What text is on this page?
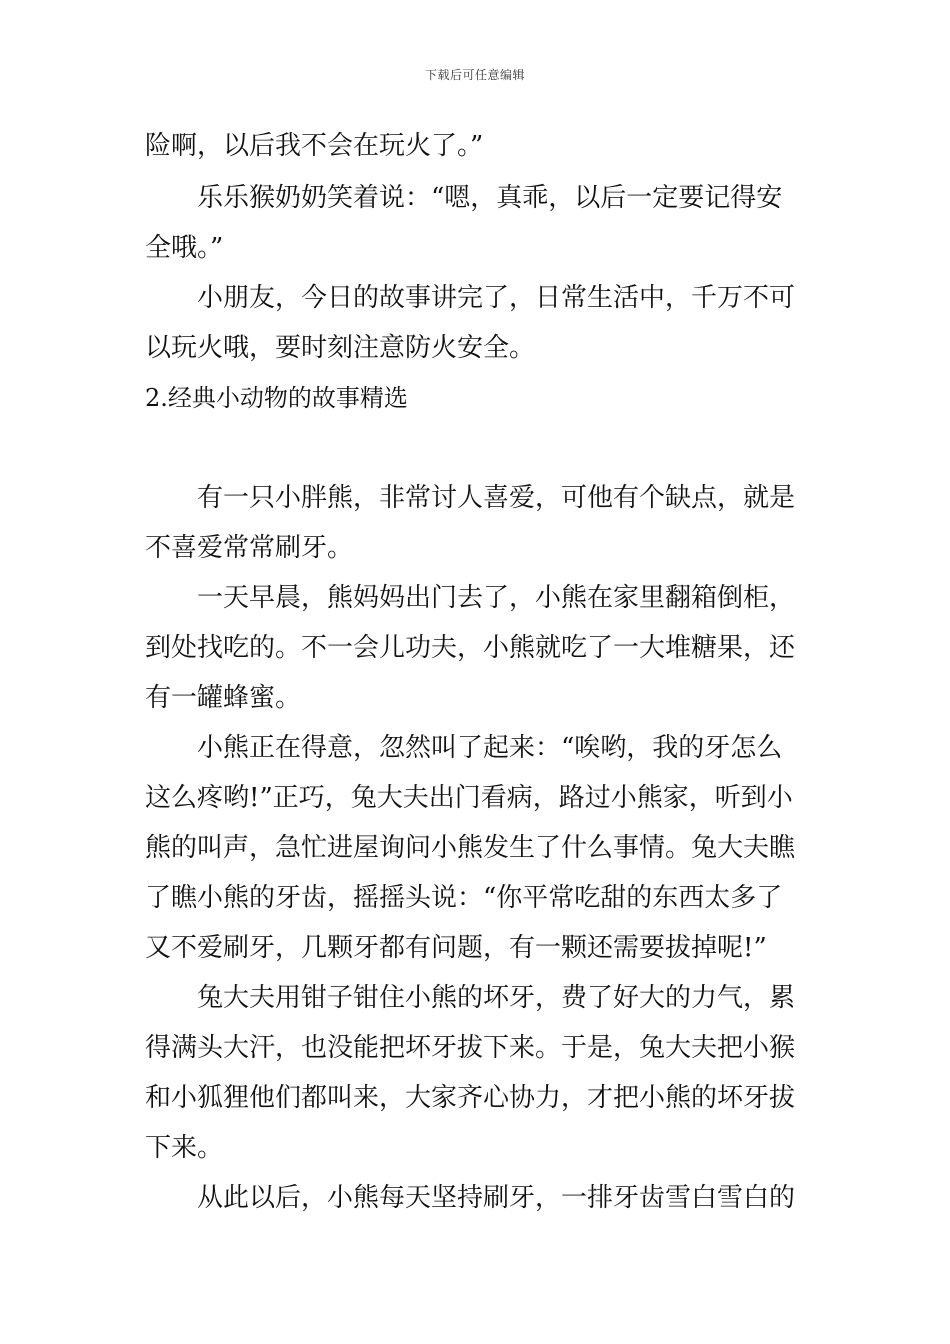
下载后可任意编辑
险啊，以后我不会在玩火了。”
　　乐乐猴奶奶笑着说：“嗯，真乖，以后一定要记得安
全哦。”
　　小朋友，今日的故事讲完了，日常生活中，千万不可
以玩火哦，要时刻注意防火安全。
2.经典小动物的故事精选
　　有一只小胖熊，非常讨人喜爱，可他有个缺点，就是
不喜爱常常刷牙。
　　一天早晨，熊妈妈出门去了，小熊在家里翻箱倒柜，
到处找吃的。不一会儿功夫，小熊就吃了一大堆糖果，还
有一罐蜂蜜。
　　小熊正在得意，忽然叫了起来：“唉哟，我的牙怎么
这么疼哟!”正巧，兔大夫出门看病，路过小熊家，听到小
熊的叫声，急忙进屋询问小熊发生了什么事情。兔大夫瞧
了瞧小熊的牙齿，摇摇头说：“你平常吃甜的东西太多了
又不爱刷牙，几颗牙都有问题，有一颗还需要拔掉呢!”
　　兔大夫用钳子钳住小熊的坏牙，费了好大的力气，累
得满头大汗，也没能把坏牙拔下来。于是，兔大夫把小猴
和小狐狸他们都叫来，大家齐心协力，才把小熊的坏牙拔
下来。
　　从此以后，小熊每天坚持刷牙，一排牙齿雪白雪白的
